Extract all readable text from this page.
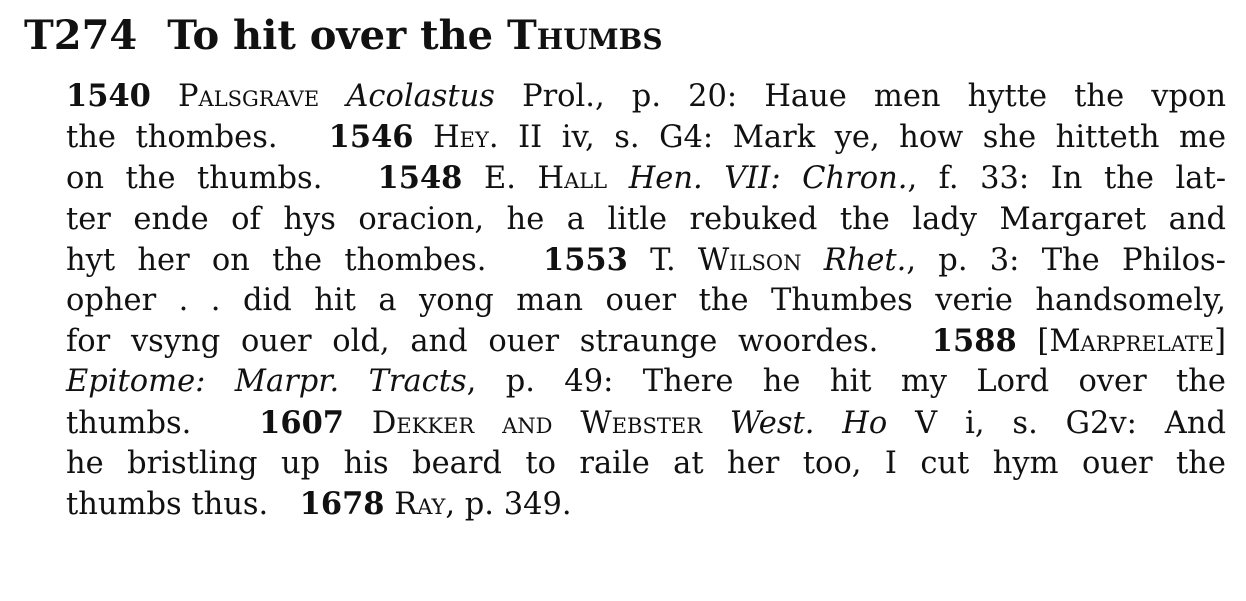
T274 To hit over the Thumbs
1540 Palsgrave Acolastus Prol., p. 20: Haue men hytte the vpon
the thombes. 1546 Hey. II iv, s. G4: Mark ye, how she hitteth me
on the thumbs. 1548 E. Hall Hen. VII: Chron., f. 33: In the lat-
ter ende of hys oracion, he a litle rebuked the lady Margaret and
hyt her on the thombes. 1553 T. Wilson Rhet., p. 3: The Philos-
opher . . did hit a yong man ouer the Thumbes verie handsomely,
for vsyng ouer old, and ouer straunge woordes. 1588 [Marprelate]
Epitome: Marpr. Tracts, p. 49: There he hit my Lord over the
thumbs. 1607 Dekker and Webster West. Ho V i, s. G2v: And
he bristling up his beard to raile at her too, I cut hym ouer the
thumbs thus. 1678 Ray, p. 349.
